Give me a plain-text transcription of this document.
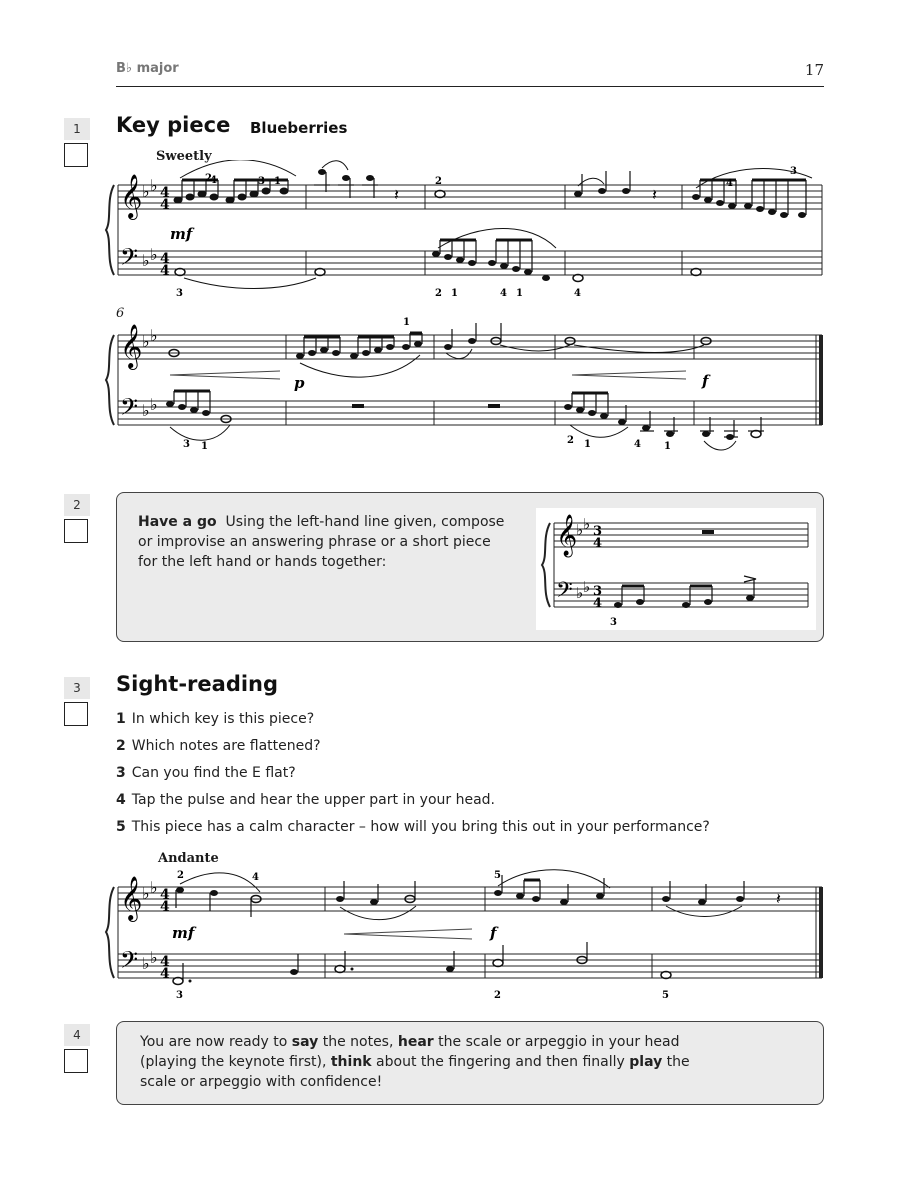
B♭ major	17
1	Key piece Blueberries
Sweetly
𝄞
𝄢
♭ ♭
♭ ♭
4
4
4
4
𝄽	𝄽
mf
2
4	3 1	2	4
3
3	2 1	4 1	4
6
𝄞
𝄢
♭ ♭
♭ ♭
p	f
1
3 1
2 1	4 1
2
Have a go Using the left-hand line given, compose
or improvise an answering phrase or a short piece
for the left hand or hands together:
𝄞
𝄢
♭ ♭
♭ ♭
3
4
3
4
3
3	Sight-reading
1 In which key is this piece?
2 Which notes are flattened?
3 Can you find the E flat?
4 Tap the pulse and hear the upper part in your head.
5 This piece has a calm character – how will you bring this out in your performance?
Andante
𝄞
𝄢
♭ ♭
♭ ♭
4
4
4
4
𝄽
mf	f
2	4	5
3	2	5
4	You are now ready to say the notes, hear the scale or arpeggio in your head
(playing the keynote first), think about the fingering and then finally play the
scale or arpeggio with confidence!
